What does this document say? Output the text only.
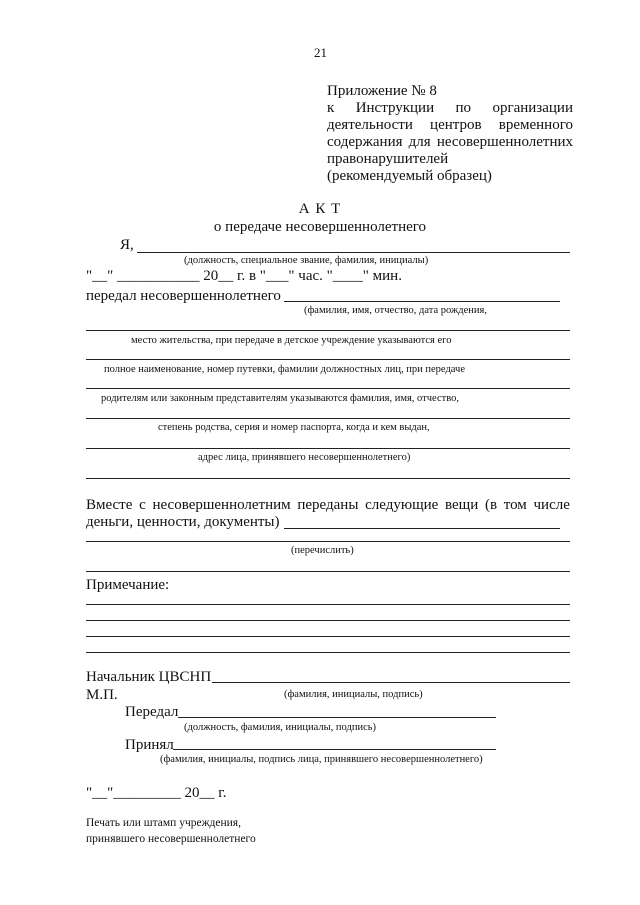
21
Приложение № 8
к Инструкции по организации
деятельности центров временного
содержания для несовершеннолетних
правонарушителей
(рекомендуемый образец)
А К Т
о передаче несовершеннолетнего
Я,
(должность, специальное звание, фамилия, инициалы)
"__" ___________ 20__ г. в "___" час. "____" мин.
передал несовершеннолетнего
(фамилия, имя, отчество, дата рождения,
место жительства, при передаче в детское учреждение указываются его
полное наименование, номер путевки, фамилии должностных лиц, при передаче
родителям или законным представителям указываются фамилия, имя, отчество,
степень родства, серия и номер паспорта, когда и кем выдан,
адрес лица, принявшего несовершеннолетнего)
Вместе с несовершеннолетним переданы следующие вещи (в том числе
деньги, ценности, документы)
(перечислить)
Примечание:
Начальник ЦВСНП
М.П.	(фамилия, инициалы, подпись)
Передал
(должность, фамилия, инициалы, подпись)
Принял
(фамилия, инициалы, подпись лица, принявшего несовершеннолетнего)
"__"_________ 20__ г.
Печать или штамп учреждения,
принявшего несовершеннолетнего
